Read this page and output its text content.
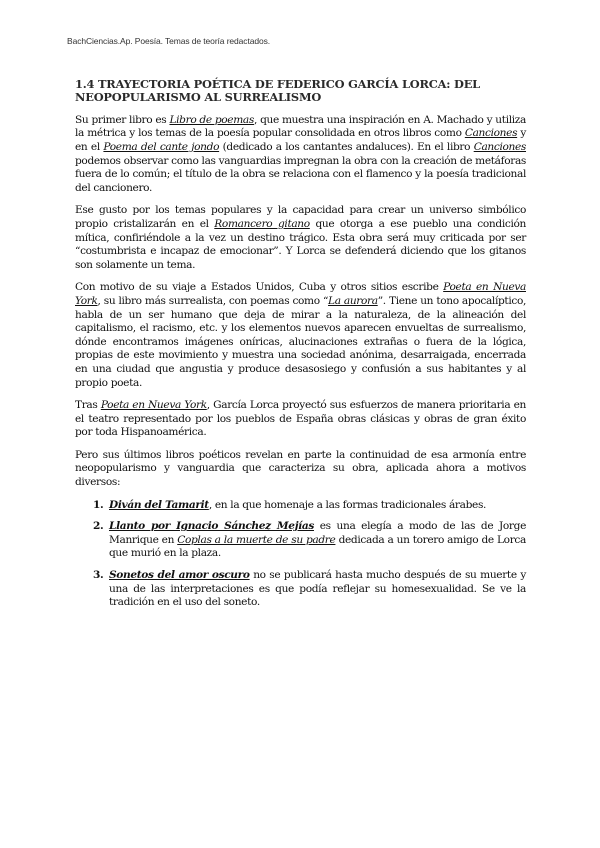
BachCiencias.Ap. Poesía. Temas de teoría redactados.
1.4 TRAYECTORIA POÉTICA DE FEDERICO GARCÍA LORCA: DEL NEOPOPULARISMO AL SURREALISMO

Su primer libro es Libro de poemas, que muestra una inspiración en A. Machado y utiliza la métrica y los temas de la poesía popular consolidada en otros libros como Canciones y en el Poema del cante jondo (dedicado a los cantantes andaluces). En el libro Canciones podemos observar como las vanguardias impregnan la obra con la creación de metáforas fuera de lo común; el título de la obra se relaciona con el flamenco y la poesía tradicional del cancionero.

Ese gusto por los temas populares y la capacidad para crear un universo simbólico propio cristalizarán en el Romancero gitano que otorga a ese pueblo una condición mítica, confiriéndole a la vez un destino trágico. Esta obra será muy criticada por ser “costumbrista e incapaz de emocionar”. Y Lorca se defenderá diciendo que los gitanos son solamente un tema.

Con motivo de su viaje a Estados Unidos, Cuba y otros sitios escribe Poeta en Nueva York, su libro más surrealista, con poemas como “La aurora”. Tiene un tono apocalíptico, habla de un ser humano que deja de mirar a la naturaleza, de la alineación del capitalismo, el racismo, etc. y los elementos nuevos aparecen envueltas de surrealismo, dónde encontramos imágenes oníricas, alucinaciones extrañas o fuera de la lógica, propias de este movimiento y muestra una sociedad anónima, desarraigada, encerrada en una ciudad que angustia y produce desasosiego y confusión a sus habitantes y al propio poeta.

Tras Poeta en Nueva York, García Lorca proyectó sus esfuerzos de manera prioritaria en el teatro representado por los pueblos de España obras clásicas y obras de gran éxito por toda Hispanoamérica.

Pero sus últimos libros poéticos revelan en parte la continuidad de esa armonía entre neopopularismo y vanguardia que caracteriza su obra, aplicada ahora a motivos diversos:

1. Diván del Tamarit, en la que homenaje a las formas tradicionales árabes.
2. Llanto por Ignacio Sánchez Mejías es una elegía a modo de las de Jorge Manrique en Coplas a la muerte de su padre dedicada a un torero amigo de Lorca que murió en la plaza.
3. Sonetos del amor oscuro no se publicará hasta mucho después de su muerte y una de las interpretaciones es que podía reflejar su homesexualidad. Se ve la tradición en el uso del soneto.
